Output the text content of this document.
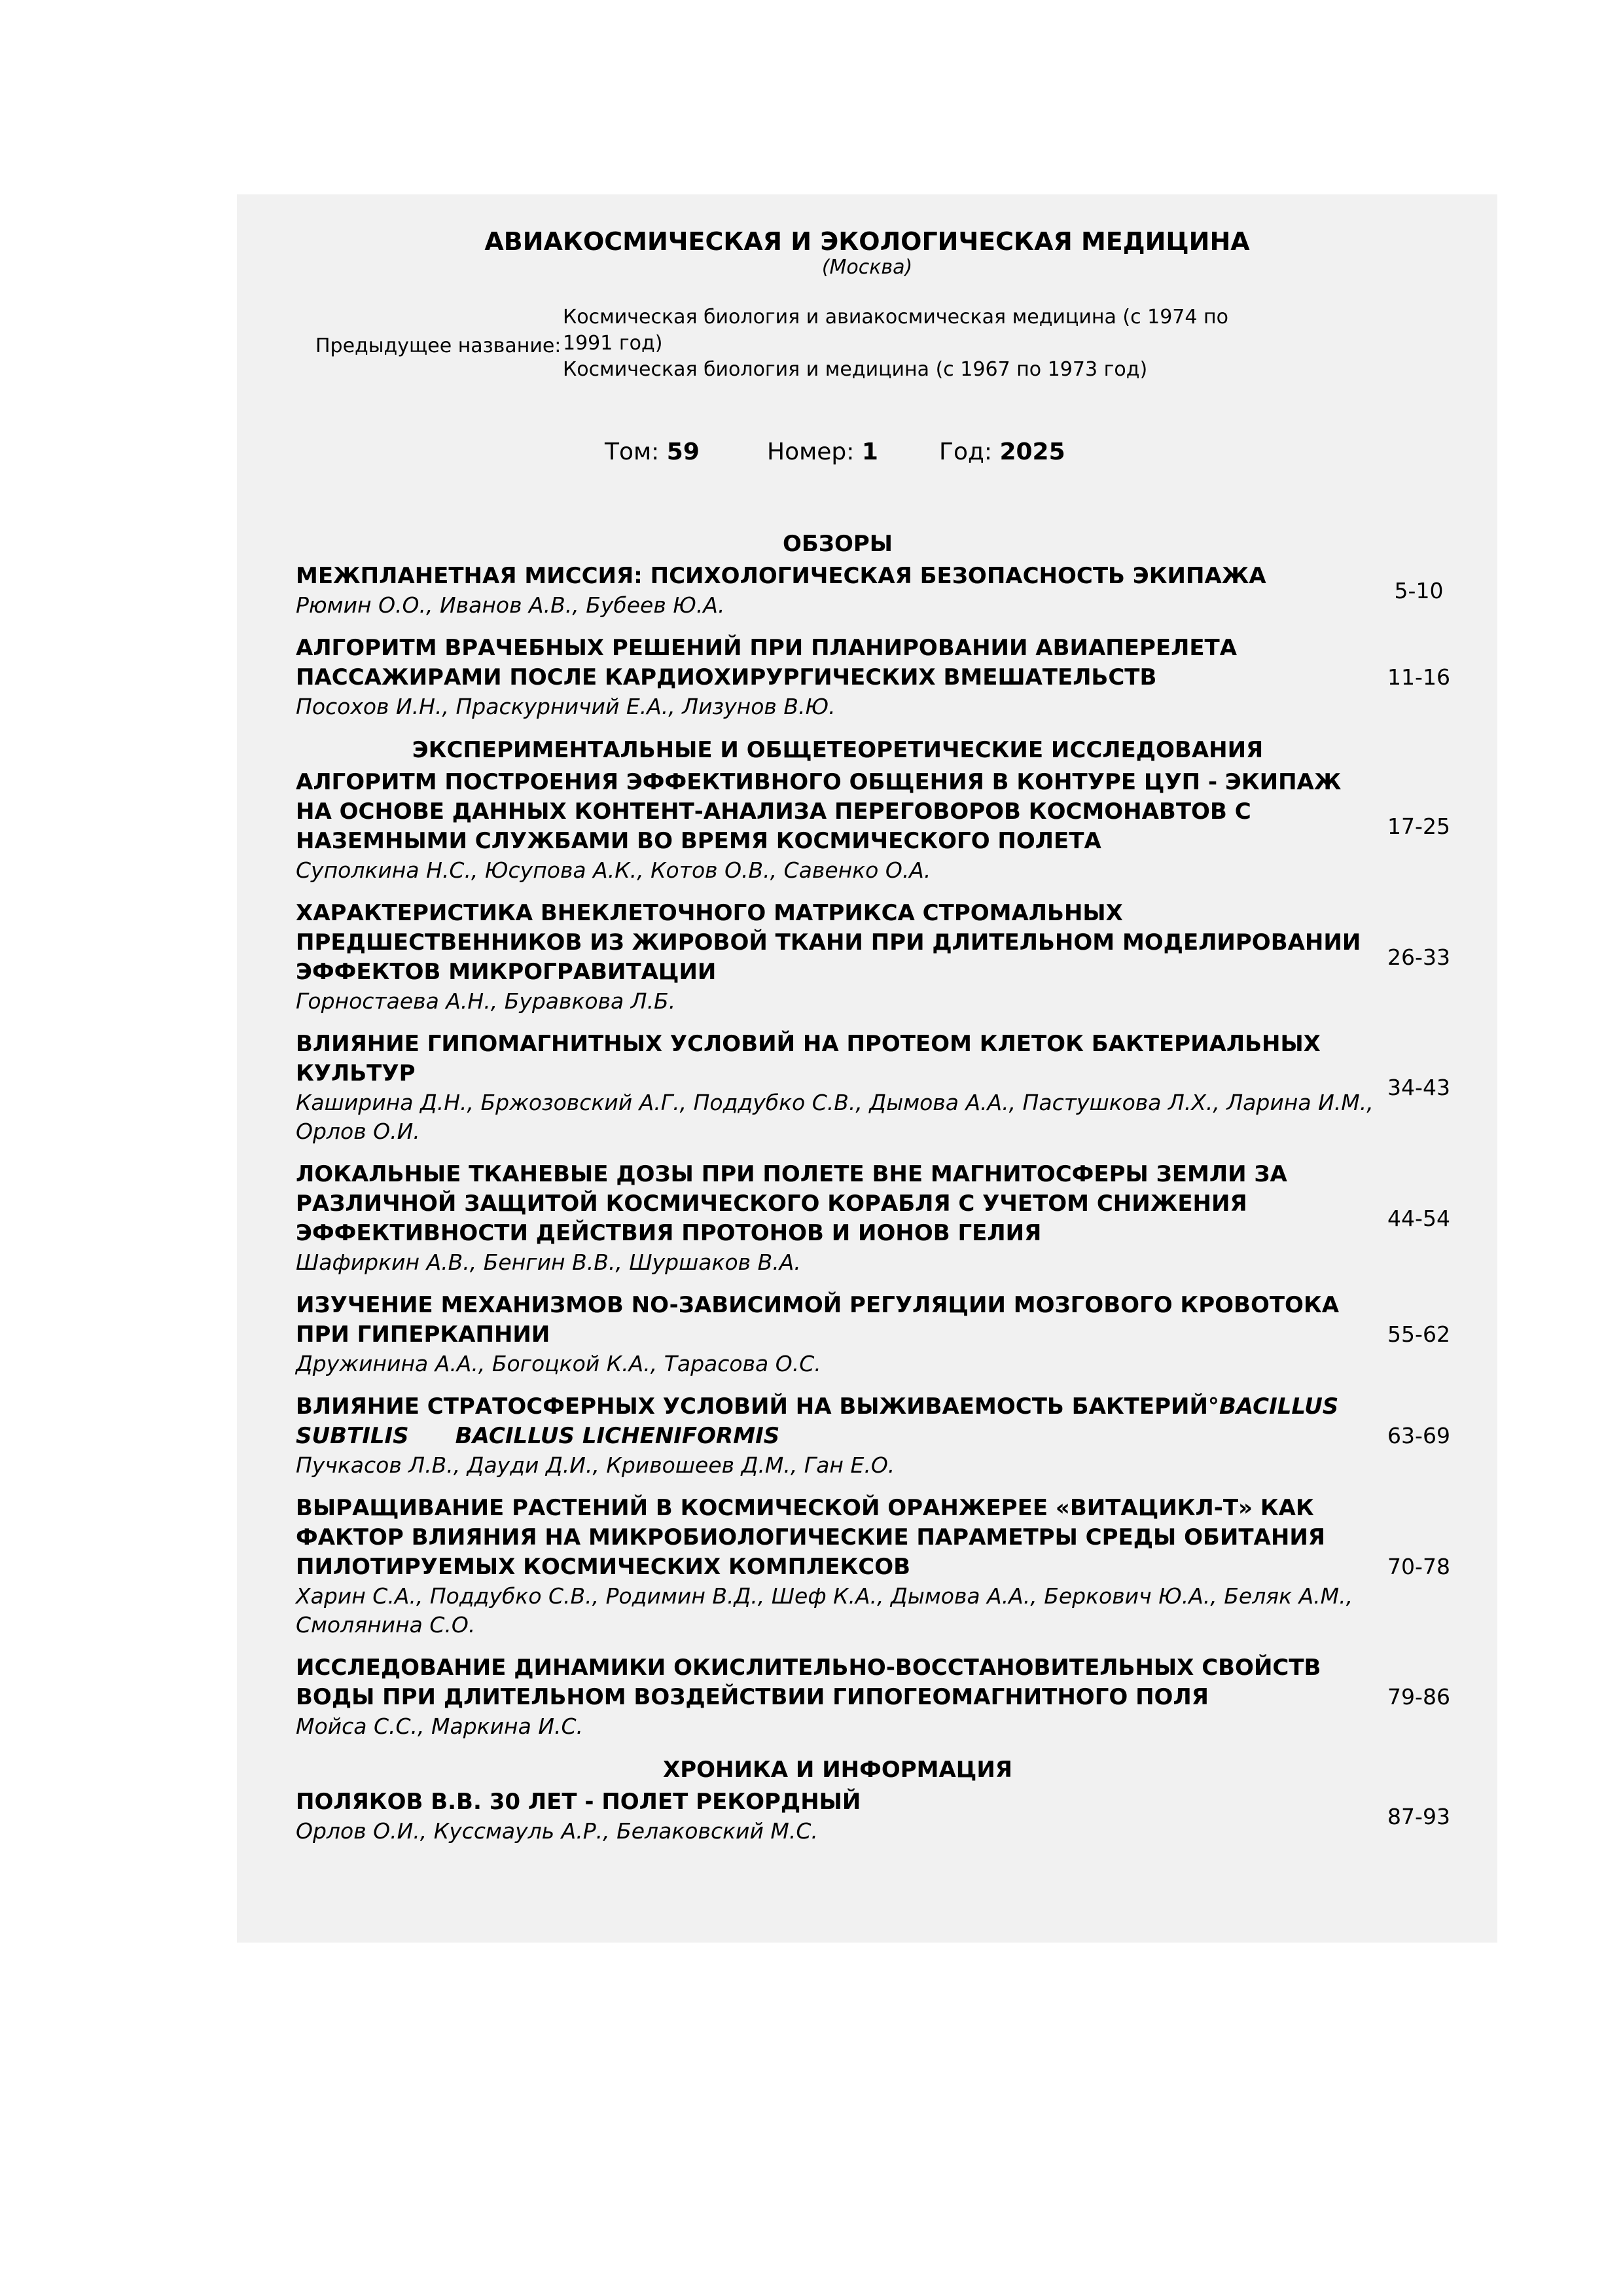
АВИАКОСМИЧЕСКАЯ И ЭКОЛОГИЧЕСКАЯ МЕДИЦИНА
(Москва)
Предыдущее название:
Космическая биология и авиакосмическая медицина (с 1974 по 1991 год)
Космическая биология и медицина (с 1967 по 1973 год)
Том: 59	Номер: 1	Год: 2025
ОБЗОРЫ
МЕЖПЛАНЕТНАЯ МИССИЯ: ПСИХОЛОГИЧЕСКАЯ БЕЗОПАСНОСТЬ ЭКИПАЖА
Рюмин О.О., Иванов А.В., Бубеев Ю.А.
5-10
АЛГОРИТМ ВРАЧЕБНЫХ РЕШЕНИЙ ПРИ ПЛАНИРОВАНИИ АВИАПЕРЕЛЕТА ПАССАЖИРАМИ ПОСЛЕ КАРДИОХИРУРГИЧЕСКИХ ВМЕШАТЕЛЬСТВ
Посохов И.Н., Праскурничий Е.А., Лизунов В.Ю.
11-16
ЭКСПЕРИМЕНТАЛЬНЫЕ И ОБЩЕТЕОРЕТИЧЕСКИЕ ИССЛЕДОВАНИЯ
АЛГОРИТМ ПОСТРОЕНИЯ ЭФФЕКТИВНОГО ОБЩЕНИЯ В КОНТУРЕ ЦУП - ЭКИПАЖ НА ОСНОВЕ ДАННЫХ КОНТЕНТ-АНАЛИЗА ПЕРЕГОВОРОВ КОСМОНАВТОВ С НАЗЕМНЫМИ СЛУЖБАМИ ВО ВРЕМЯ КОСМИЧЕСКОГО ПОЛЕТА
Суполкина Н.С., Юсупова А.К., Котов О.В., Савенко О.А.
17-25
ХАРАКТЕРИСТИКА ВНЕКЛЕТОЧНОГО МАТРИКСА СТРОМАЛЬНЫХ ПРЕДШЕСТВЕННИКОВ ИЗ ЖИРОВОЙ ТКАНИ ПРИ ДЛИТЕЛЬНОМ МОДЕЛИРОВАНИИ ЭФФЕКТОВ МИКРОГРАВИТАЦИИ
Горностаева А.Н., Буравкова Л.Б.
26-33
ВЛИЯНИЕ ГИПОМАГНИТНЫХ УСЛОВИЙ НА ПРОТЕОМ КЛЕТОК БАКТЕРИАЛЬНЫХ КУЛЬТУР
Каширина Д.Н., Бржозовский А.Г., Поддубко С.В., Дымова А.А., Пастушкова Л.Х., Ларина И.М., Орлов О.И.
34-43
ЛОКАЛЬНЫЕ ТКАНЕВЫЕ ДОЗЫ ПРИ ПОЛЕТЕ ВНЕ МАГНИТОСФЕРЫ ЗЕМЛИ ЗА РАЗЛИЧНОЙ ЗАЩИТОЙ КОСМИЧЕСКОГО КОРАБЛЯ С УЧЕТОМ СНИЖЕНИЯ ЭФФЕКТИВНОСТИ ДЕЙСТВИЯ ПРОТОНОВ И ИОНОВ ГЕЛИЯ
Шафиркин А.В., Бенгин В.В., Шуршаков В.А.
44-54
ИЗУЧЕНИЕ МЕХАНИЗМОВ NO-ЗАВИСИМОЙ РЕГУЛЯЦИИ МОЗГОВОГО КРОВОТОКА ПРИ ГИПЕРКАПНИИ
Дружинина А.А., Богоцкой К.А., Тарасова О.С.
55-62
ВЛИЯНИЕ СТРАТОСФЕРНЫХ УСЛОВИЙ НА ВЫЖИВАЕМОСТЬ БАКТЕРИЙ°BACILLUS SUBTILIS      BACILLUS LICHENIFORMIS
Пучкасов Л.В., Дауди Д.И., Кривошеев Д.М., Ган Е.О.
63-69
ВЫРАЩИВАНИЕ РАСТЕНИЙ В КОСМИЧЕСКОЙ ОРАНЖЕРЕЕ «ВИТАЦИКЛ-Т» КАК ФАКТОР ВЛИЯНИЯ НА МИКРОБИОЛОГИЧЕСКИЕ ПАРАМЕТРЫ СРЕДЫ ОБИТАНИЯ ПИЛОТИРУЕМЫХ КОСМИЧЕСКИХ КОМПЛЕКСОВ
Харин С.А., Поддубко С.В., Родимин В.Д., Шеф К.А., Дымова А.А., Беркович Ю.А., Беляк А.М., Смолянина С.О.
70-78
ИССЛЕДОВАНИЕ ДИНАМИКИ ОКИСЛИТЕЛЬНО-ВОССТАНОВИТЕЛЬНЫХ СВОЙСТВ ВОДЫ ПРИ ДЛИТЕЛЬНОМ ВОЗДЕЙСТВИИ ГИПОГЕОМАГНИТНОГО ПОЛЯ
Мойса С.С., Маркина И.С.
79-86
ХРОНИКА И ИНФОРМАЦИЯ
ПОЛЯКОВ В.В. 30 ЛЕТ - ПОЛЕТ РЕКОРДНЫЙ
Орлов О.И., Куссмауль А.Р., Белаковский М.С.
87-93
